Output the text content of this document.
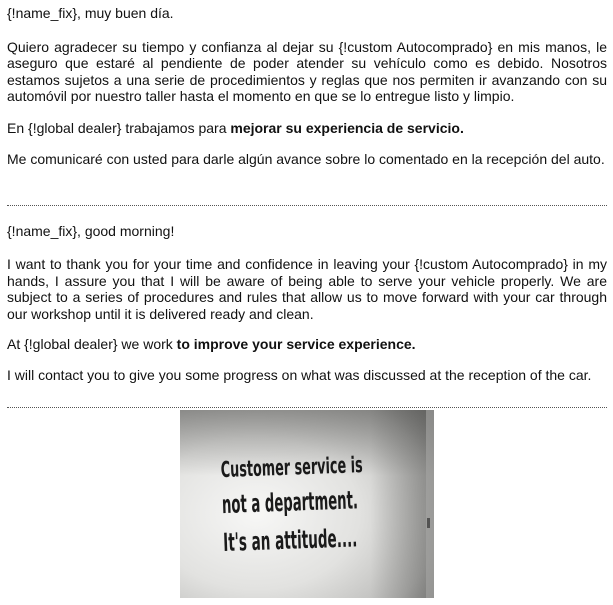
{!name_fix}, muy buen día.

Quiero agradecer su tiempo y confianza al dejar su {!custom Autocomprado} en mis manos, le aseguro que estaré al pendiente de poder atender su vehículo como es debido. Nosotros estamos sujetos a una serie de procedimientos y reglas que nos permiten ir avanzando con su automóvil por nuestro taller hasta el momento en que se lo entregue listo y limpio.

En {!global dealer} trabajamos para mejorar su experiencia de servicio.

Me comunicaré con usted para darle algún avance sobre lo comentado en la recepción del auto.

{!name_fix}, good morning!

I want to thank you for your time and confidence in leaving your {!custom Autocomprado} in my hands, I assure you that I will be aware of being able to serve your vehicle properly. We are subject to a series of procedures and rules that allow us to move forward with your car through our workshop until it is delivered ready and clean.

At {!global dealer} we work to improve your service experience.

I will contact you to give you some progress on what was discussed at the reception of the car.

Customer service is
not a department.
It's an attitude....
